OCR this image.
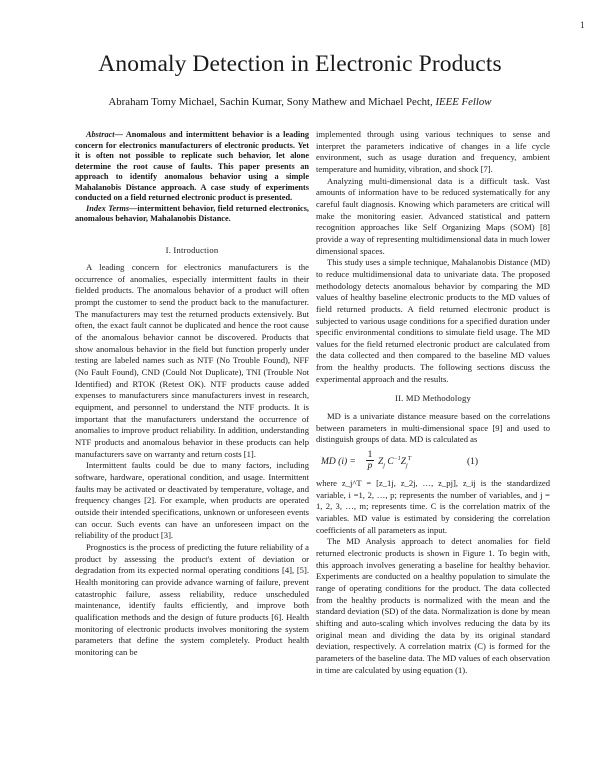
1
Anomaly Detection in Electronic Products
Abraham Tomy Michael, Sachin Kumar, Sony Mathew and Michael Pecht, IEEE Fellow

Abstract— Anomalous and intermittent behavior is a leading concern for electronics manufacturers of electronic products. Yet it is often not possible to replicate such behavior, let alone determine the root cause of faults. This paper presents an approach to identify anomalous behavior using a simple Mahalanobis Distance approach. A case study of experiments conducted on a field returned electronic product is presented.

Index Terms—intermittent behavior, field returned electronics, anomalous behavior, Mahalanobis Distance.

I. Introduction

A leading concern for electronics manufacturers is the occurrence of anomalies, especially intermittent faults in their fielded products. The anomalous behavior of a product will often prompt the customer to send the product back to the manufacturer. The manufacturers may test the returned products extensively. But often, the exact fault cannot be duplicated and hence the root cause of the anomalous behavior cannot be discovered. Products that show anomalous behavior in the field but function properly under testing are labeled names such as NTF (No Trouble Found), NFF (No Fault Found), CND (Could Not Duplicate), TNI (Trouble Not Identified) and RTOK (Retest OK). NTF products cause added expenses to manufacturers since manufacturers invest in research, equipment, and personnel to understand the NTF products. It is important that the manufacturers understand the occurrence of anomalies to improve product reliability. In addition, understanding NTF products and anomalous behavior in these products can help manufacturers save on warranty and return costs [1].

Intermittent faults could be due to many factors, including software, hardware, operational condition, and usage. Intermittent faults may be activated or deactivated by temperature, voltage, and frequency changes [2]. For example, when products are operated outside their intended specifications, unknown or unforeseen events can occur. Such events can have an unforeseen impact on the reliability of the product [3].

Prognostics is the process of predicting the future reliability of a product by assessing the product's extent of deviation or degradation from its expected normal operating conditions [4], [5]. Health monitoring can provide advance warning of failure, prevent catastrophic failure, assess reliability, reduce unscheduled maintenance, identify faults efficiently, and improve both qualification methods and the design of future products [6]. Health monitoring of electronic products involves monitoring the system parameters that define the system completely. Product health monitoring can be

implemented through using various techniques to sense and interpret the parameters indicative of changes in a life cycle environment, such as usage duration and frequency, ambient temperature and humidity, vibration, and shock [7].

Analyzing multi-dimensional data is a difficult task. Vast amounts of information have to be reduced systematically for any careful fault diagnosis. Knowing which parameters are critical will make the monitoring easier. Advanced statistical and pattern recognition approaches like Self Organizing Maps (SOM) [8] provide a way of representing multidimensional data in much lower dimensional spaces.

This study uses a simple technique, Mahalanobis Distance (MD) to reduce multidimensional data to univariate data. The proposed methodology detects anomalous behavior by comparing the MD values of healthy baseline electronic products to the MD values of field returned products. A field returned electronic product is subjected to various usage conditions for a specified duration under specific environmental conditions to simulate field usage. The MD values for the field returned electronic product are calculated from the data collected and then compared to the baseline MD values from the healthy products. The following sections discuss the experimental approach and the results.

II. MD Methodology

MD is a univariate distance measure based on the correlations between parameters in multi-dimensional space [9] and used to distinguish groups of data. MD is calculated as

MD $(i) = \frac{1}{p} Z_j$ $C^{-1}Z_j^T$	(1)

where z_j^T = [z_1j, z_2j, …, z_pj], z_ij is the standardized variable, i =1, 2, …, p; represents the number of variables, and j = 1, 2, 3, …, m; represents time. C is the correlation matrix of the variables. MD value is estimated by considering the correlation coefficients of all parameters as input.

The MD Analysis approach to detect anomalies for field returned electronic products is shown in Figure 1. To begin with, this approach involves generating a baseline for healthy behavior. Experiments are conducted on a healthy population to simulate the range of operating conditions for the product. The data collected from the healthy products is normalized with the mean and the standard deviation (SD) of the data. Normalization is done by mean shifting and auto-scaling which involves reducing the data by its original mean and dividing the data by its original standard deviation, respectively. A correlation matrix (C) is formed for the parameters of the baseline data. The MD values of each observation in time are calculated by using equation (1).
